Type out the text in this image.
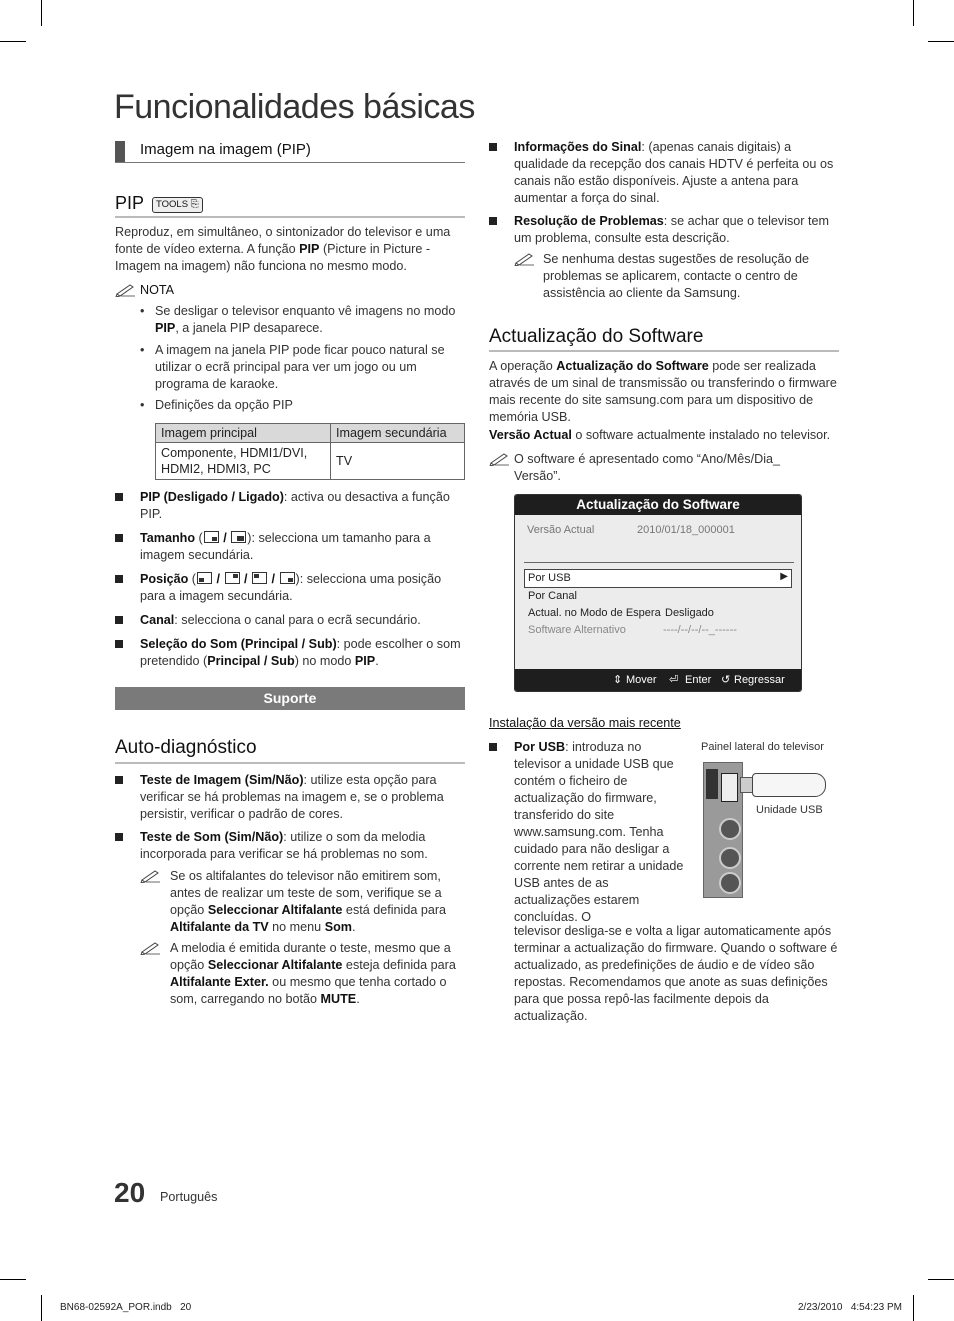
Funcionalidades básicas
Imagem na imagem (PIP)
PIP	TOOLS ⎘
Reproduz, em simultâneo, o sintonizador do televisor e uma fonte de vídeo externa. A função PIP (Picture in Picture - Imagem na imagem) não funciona no mesmo modo.
NOTA
• Se desligar o televisor enquanto vê imagens no modo PIP, a janela PIP desaparece.
• A imagem na janela PIP pode ficar pouco natural se utilizar o ecrã principal para ver um jogo ou um programa de karaoke.
• Definições da opção PIP
Imagem principal	Imagem secundária
Componente, HDMI1/DVI, HDMI2, HDMI3, PC	TV
PIP (Desligado / Ligado): activa ou desactiva a função PIP.
Tamanho ( / ): selecciona um tamanho para a imagem secundária.
Posição ( / / / ): selecciona uma posição para a imagem secundária.
Canal: selecciona o canal para o ecrã secundário.
Seleção do Som (Principal / Sub): pode escolher o som pretendido (Principal / Sub) no modo PIP.
Suporte
Auto-diagnóstico
Teste de Imagem (Sim/Não): utilize esta opção para verificar se há problemas na imagem e, se o problema persistir, verificar o padrão de cores.
Teste de Som (Sim/Não): utilize o som da melodia incorporada para verificar se há problemas no som.
Se os altifalantes do televisor não emitirem som, antes de realizar um teste de som, verifique se a opção Seleccionar Altifalante está definida para Altifalante da TV no menu Som.
A melodia é emitida durante o teste, mesmo que a opção Seleccionar Altifalante esteja definida para Altifalante Exter. ou mesmo que tenha cortado o som, carregando no botão MUTE.
Informações do Sinal: (apenas canais digitais) a qualidade da recepção dos canais HDTV é perfeita ou os canais não estão disponíveis. Ajuste a antena para aumentar a força do sinal.
Resolução de Problemas: se achar que o televisor tem um problema, consulte esta descrição.
Se nenhuma destas sugestões de resolução de problemas se aplicarem, contacte o centro de assistência ao cliente da Samsung.
Actualização do Software
A operação Actualização do Software pode ser realizada através de um sinal de transmissão ou transferindo o firmware mais recente do site samsung.com para um dispositivo de memória USB.
Versão Actual o software actualmente instalado no televisor.
O software é apresentado como “Ano/Mês/Dia_ Versão”.
Actualização do Software
Versão Actual	2010/01/18_000001
Por USB	▶
Por Canal
Actual. no Modo de Espera Desligado
Software Alternativo	----/--/--/--_------
⇕ Mover ⏎ Enter ↺ Regressar
Instalação da versão mais recente
Por USB: introduza no televisor a unidade USB que contém o ficheiro de actualização do firmware, transferido do site www.samsung.com. Tenha cuidado para não desligar a corrente nem retirar a unidade USB antes de as actualizações estarem concluídas. O
televisor desliga-se e volta a ligar automaticamente após terminar a actualização do firmware. Quando o software é actualizado, as predefinições de áudio e de vídeo são repostas. Recomendamos que anote as suas definições para que possa repô-las facilmente depois da actualização.
Painel lateral do televisor
Unidade USB
20 Português
BN68-02592A_POR.indb   20	2/23/2010   4:54:23 PM
